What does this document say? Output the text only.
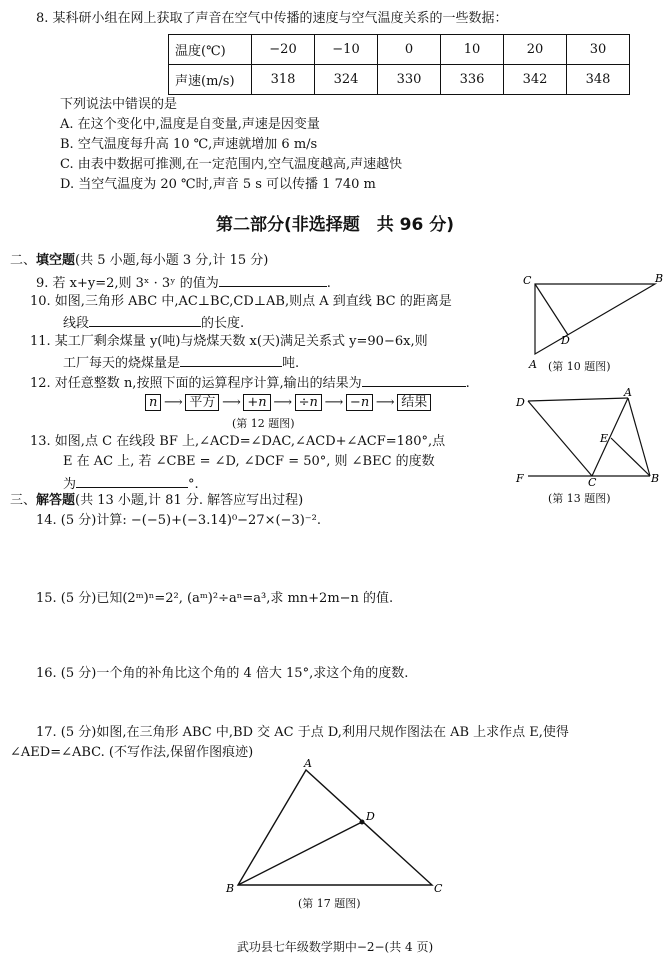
8. 某科研小组在网上获取了声音在空气中传播的速度与空气温度关系的一些数据：
温度(℃)	−20	−10	0	10	20	30
声速(m/s)	318	324	330	336	342	348
下列说法中错误的是
A. 在这个变化中,温度是自变量,声速是因变量
B. 空气温度每升高 10 ℃,声速就增加 6 m/s
C. 由表中数据可推测,在一定范围内,空气温度越高,声速越快
D. 当空气温度为 20 ℃时,声音 5 s 可以传播 1 740 m
第二部分(非选择题　共 96 分)
二、填空题(共 5 小题,每小题 3 分,计 15 分)
9. 若 x+y=2,则 3ˣ · 3ʸ 的值为	.
10. 如图,三角形 ABC 中,AC⊥BC,CD⊥AB,则点 A 到直线 BC 的距离是
线段	的长度.
11. 某工厂剩余煤量 y(吨)与烧煤天数 x(天)满足关系式 y=90−6x,则
工厂每天的烧煤量是	吨.
12. 对任意整数 n,按照下面的运算程序计算,输出的结果为	.
n ⟶ 平方 ⟶ +n ⟶ ÷n ⟶ −n ⟶ 结果
(第 12 题图)
13. 如图,点 C 在线段 BF 上,∠ACD=∠DAC,∠ACD+∠ACF=180°,点
E 在 AC 上, 若 ∠CBE = ∠D, ∠DCF = 50°, 则 ∠BEC 的度数
为	°.
三、解答题(共 13 小题,计 81 分. 解答应写出过程)
14. (5 分)计算: −(−5)+(−3.14)⁰−27×(−3)⁻².
15. (5 分)已知(2ᵐ)ⁿ=2², (aᵐ)²÷aⁿ=a³,求 mn+2m−n 的值.
16. (5 分)一个角的补角比这个角的 4 倍大 15°,求这个角的度数.
17. (5 分)如图,在三角形 ABC 中,BD 交 AC 于点 D,利用尺规作图法在 AB 上求作点 E,使得
∠AED=∠ABC. (不写作法,保留作图痕迹)
C	B
D
A (第 10 题图)
D
A
E
F	C	B
(第 13 题图)
A
D
B	C
(第 17 题图)
武功县七年级数学期中−2−(共 4 页)
